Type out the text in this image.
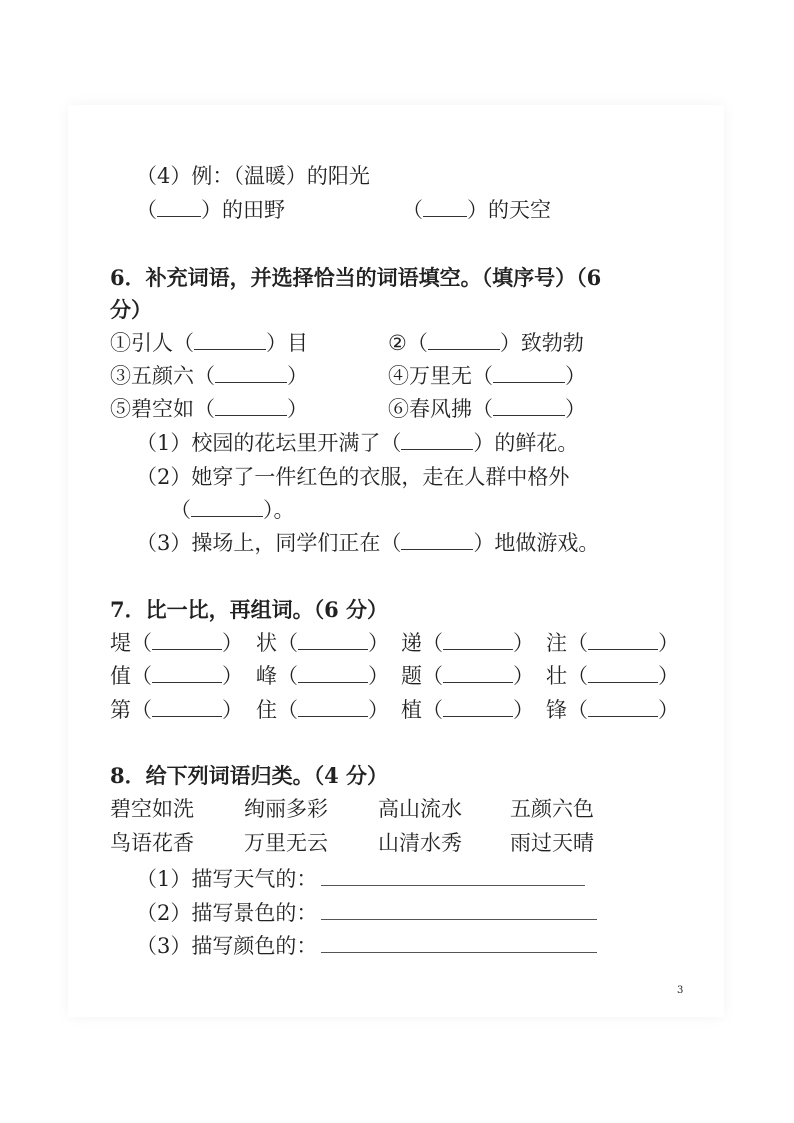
（4）例：（温暖）的阳光
（ ）的田野	（ ）的天空
6．补充词语，并选择恰当的词语填空。（填序号）（6
分）
①引人（	）目	②（	）致勃勃
③五颜六（	）	④万里无（	）
⑤碧空如（	）	⑥春风拂（	）
（1）校园的花坛里开满了（	）的鲜花。
（2）她穿了一件红色的衣服，走在人群中格外
（	）。
（3）操场上，同学们正在（	）地做游戏。
7．比一比，再组词。（6 分）
堤（	） 状（	） 递（	） 注（	）
值（	） 峰（	） 题（	） 壮（	）
第（	） 住（	） 植（	） 锋（	）
8．给下列词语归类。（4 分）
碧空如洗 绚丽多彩 高山流水 五颜六色
鸟语花香 万里无云 山清水秀 雨过天晴
（1）描写天气的：
（2）描写景色的：
（3）描写颜色的：
3
